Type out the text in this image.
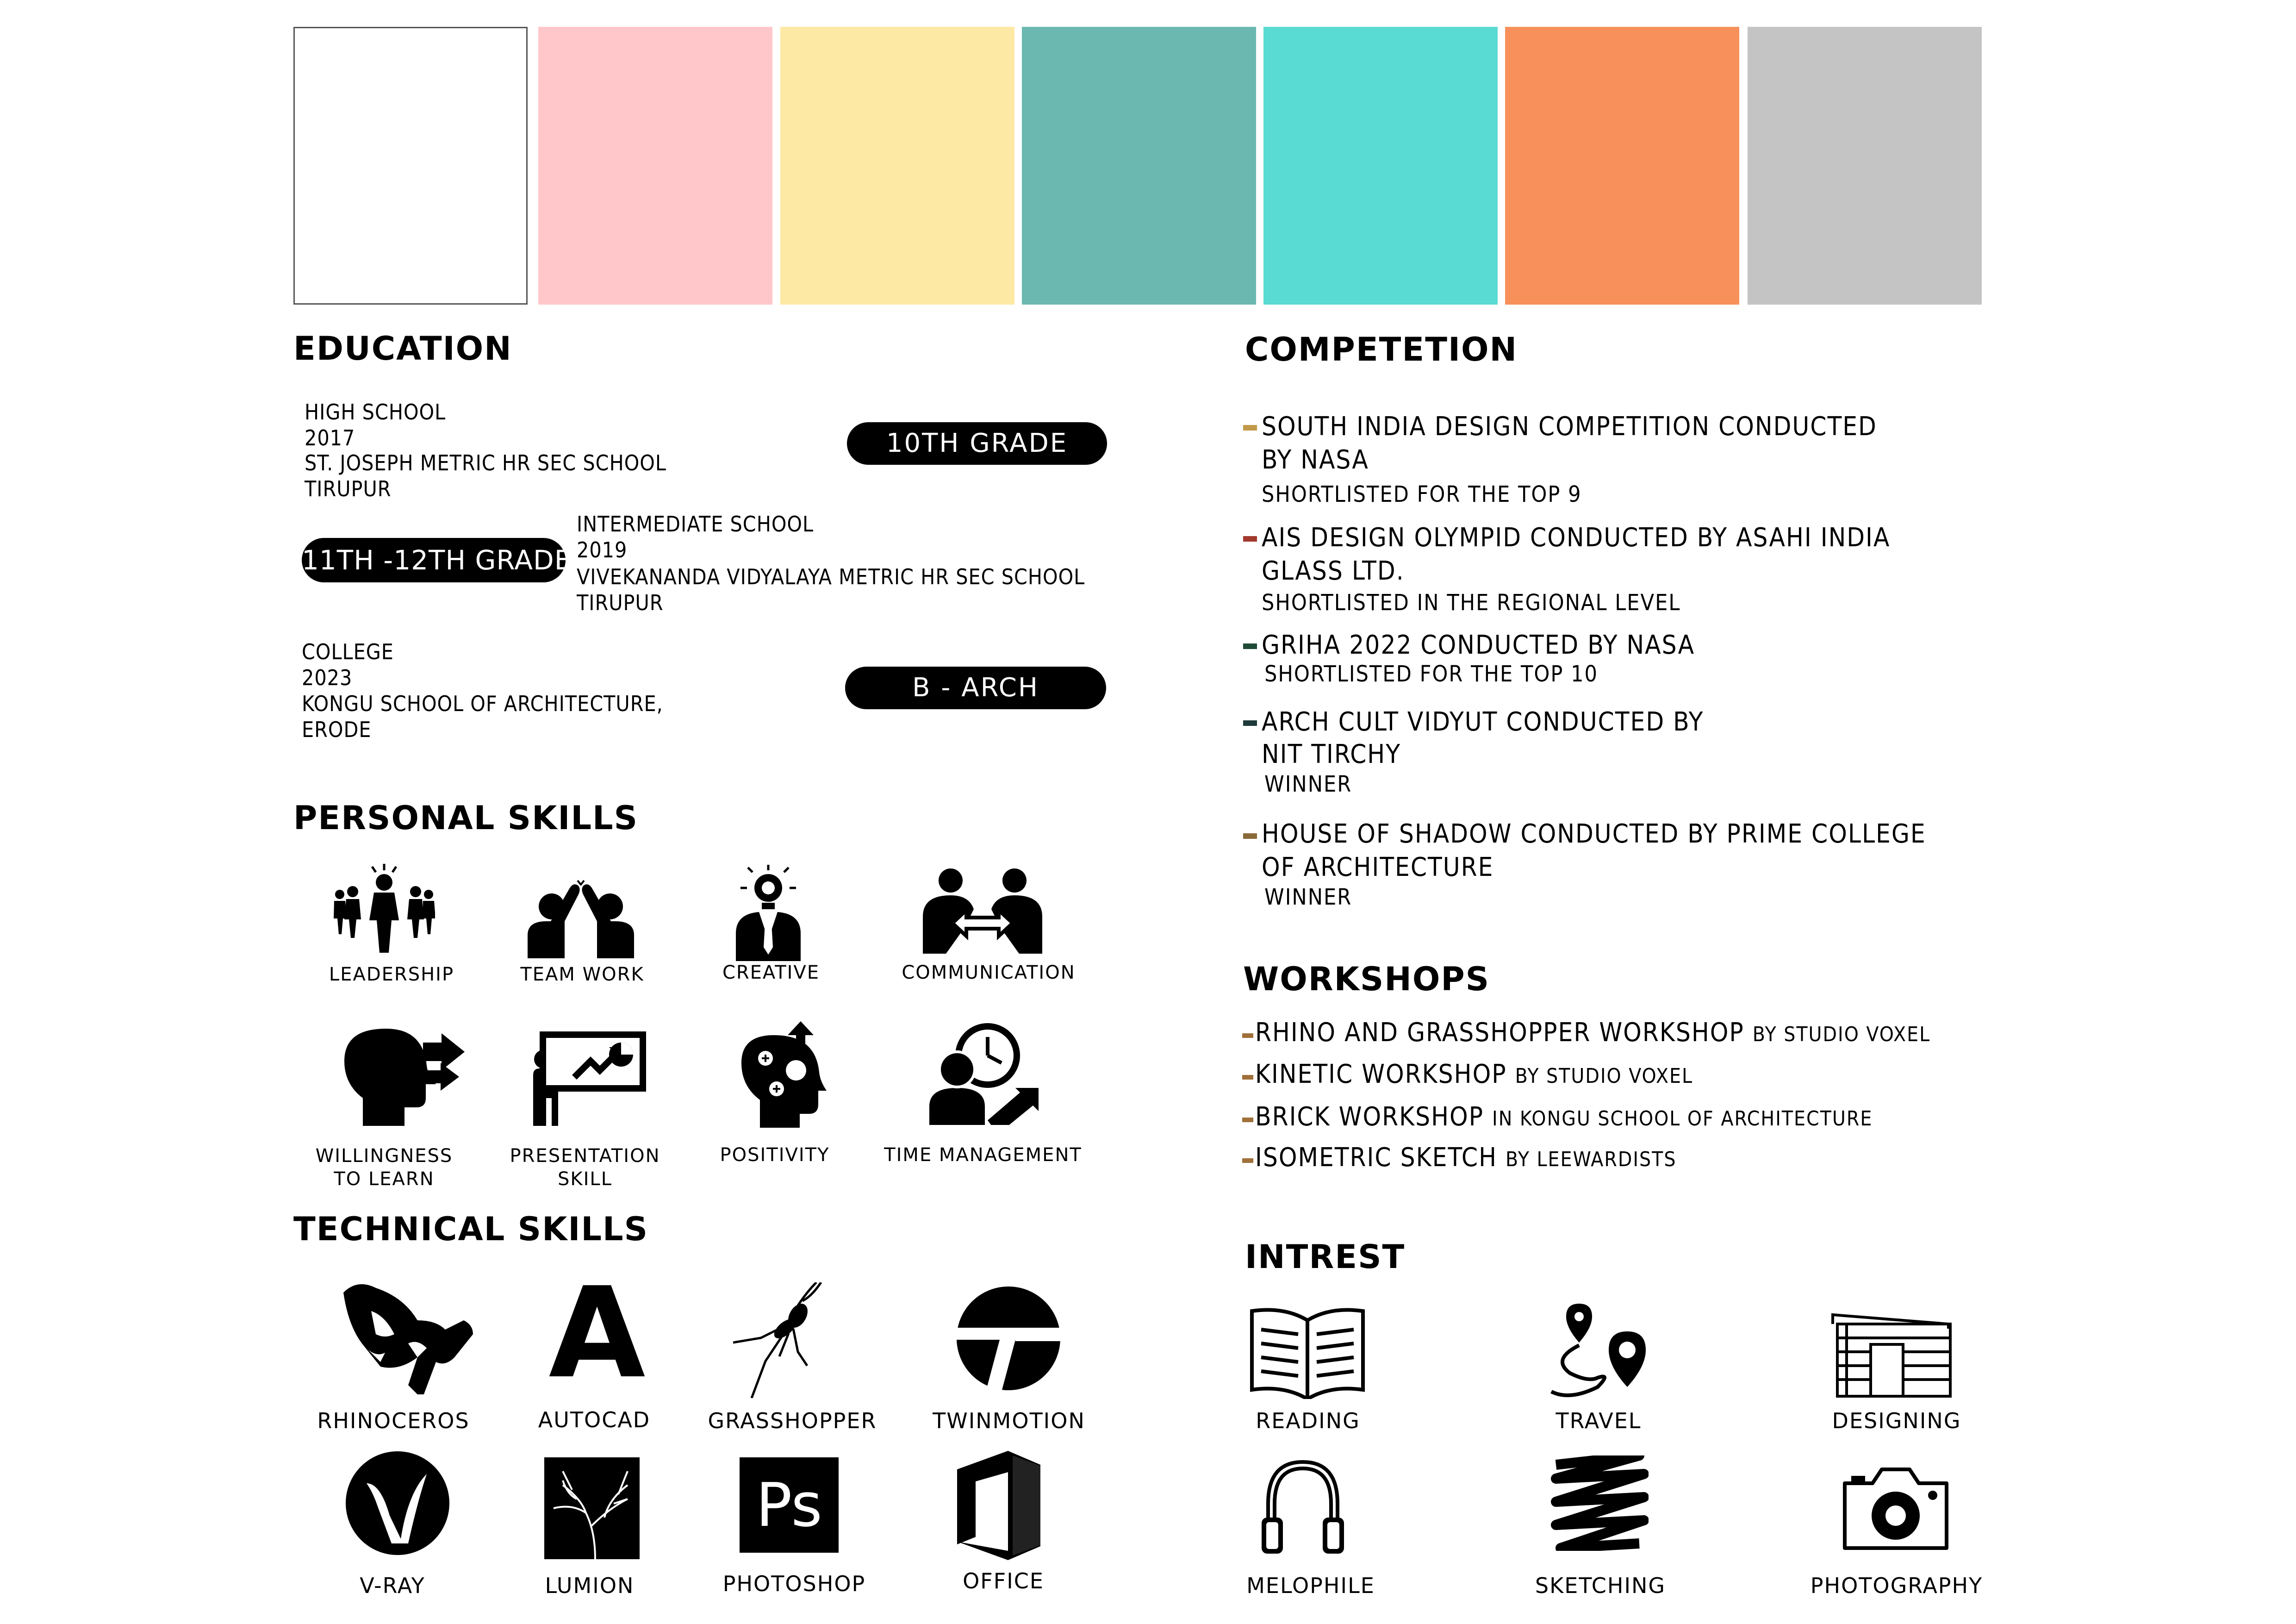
EDUCATION
HIGH SCHOOL
2017
ST. JOSEPH METRIC HR SEC SCHOOL
TIRUPUR
10TH GRADE
11TH -12TH GRADE
INTERMEDIATE SCHOOL
2019
VIVEKANANDA VIDYALAYA METRIC HR SEC SCHOOL
TIRUPUR
COLLEGE
2023
KONGU SCHOOL OF ARCHITECTURE,
ERODE
B - ARCH
PERSONAL SKILLS
LEADERSHIP	TEAM WORK	CREATIVE	COMMUNICATION
WILLINGNESS
TO LEARN
PRESENTATION
SKILL
POSITIVITY	TIME MANAGEMENT
TECHNICAL SKILLS
RHINOCEROS
A
AUTOCAD	GRASSHOPPER	TWINMOTION
V-RAY	LUMION
Ps
PHOTOSHOP	OFFICE
COMPETETION
SOUTH INDIA DESIGN COMPETITION CONDUCTED
BY NASA
SHORTLISTED FOR THE TOP 9
AIS DESIGN OLYMPID CONDUCTED BY ASAHI INDIA
GLASS LTD.
SHORTLISTED IN THE REGIONAL LEVEL
GRIHA 2022 CONDUCTED BY NASA
SHORTLISTED FOR THE TOP 10
ARCH CULT VIDYUT CONDUCTED BY
NIT TIRCHY
WINNER
HOUSE OF SHADOW CONDUCTED BY PRIME COLLEGE
OF ARCHITECTURE
WINNER
WORKSHOPS
RHINO AND GRASSHOPPER WORKSHOP BY STUDIO VOXEL
KINETIC WORKSHOP BY STUDIO VOXEL
BRICK WORKSHOP IN KONGU SCHOOL OF ARCHITECTURE
ISOMETRIC SKETCH BY LEEWARDISTS
INTREST
READING	TRAVEL	DESIGNING
MELOPHILE	SKETCHING	PHOTOGRAPHY
